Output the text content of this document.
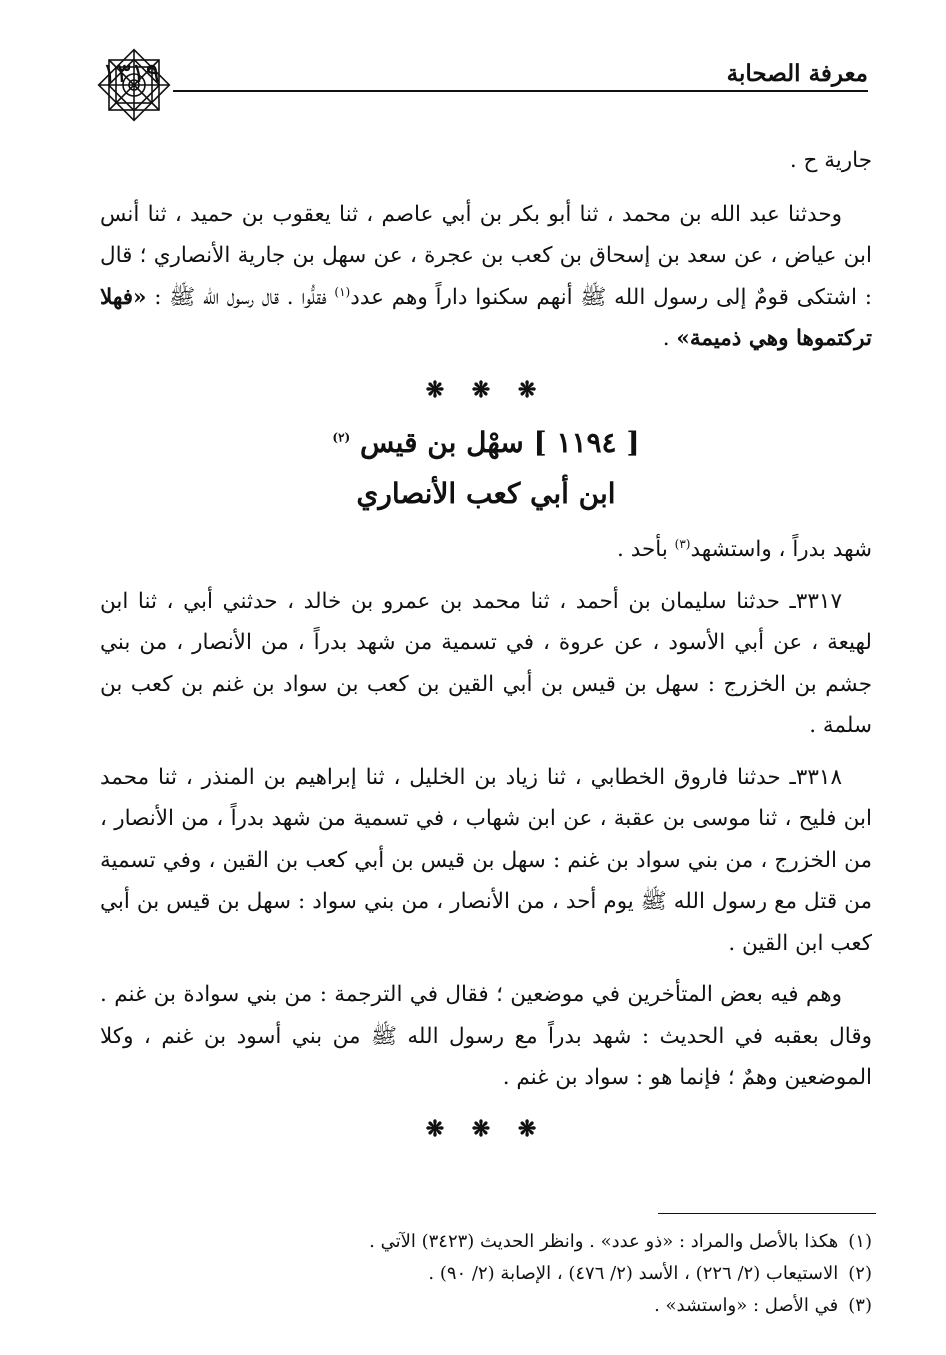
معرفة الصحابة
١٣١٩

جارية ح .

وحدثنا عبد الله بن محمد ، ثنا أبو بكر بن أبي عاصم ، ثنا يعقوب بن حميد ، ثنا أنس ابن عياض ، عن سعد بن إسحاق بن كعب بن عجرة ، عن سهل بن جارية الأنصاري ؛ قال : اشتكى قومٌ إلى رسول الله ﷺ أنهم سكنوا داراً وهم عدد$^{(١)}$ فقلُّوا . قال رسول الله ﷺ : «فهلا تركتموها وهي ذميمة» .

❋ ❋ ❋
[ ١١٩٤ ] سهْل بن قيس $^{(٢)}$
ابن أبي كعب الأنصاري

شهد بدراً ، واستشهد$^{(٣)}$ بأحد .

٣٣١٧ـ حدثنا سليمان بن أحمد ، ثنا محمد بن عمرو بن خالد ، حدثني أبي ، ثنا ابن لهيعة ، عن أبي الأسود ، عن عروة ، في تسمية من شهد بدراً ، من الأنصار ، من بني جشم بن الخزرج : سهل بن قيس بن أبي القين بن كعب بن سواد بن غنم بن كعب بن سلمة .

٣٣١٨ـ حدثنا فاروق الخطابي ، ثنا زياد بن الخليل ، ثنا إبراهيم بن المنذر ، ثنا محمد ابن فليح ، ثنا موسى بن عقبة ، عن ابن شهاب ، في تسمية من شهد بدراً ، من الأنصار ، من الخزرج ، من بني سواد بن غنم : سهل بن قيس بن أبي كعب بن القين ، وفي تسمية من قتل مع رسول الله ﷺ يوم أحد ، من الأنصار ، من بني سواد : سهل بن قيس بن أبي كعب ابن القين .

وهم فيه بعض المتأخرين في موضعين ؛ فقال في الترجمة : من بني سوادة بن غنم . وقال بعقبه في الحديث : شهد بدراً مع رسول الله ﷺ من بني أسود بن غنم ، وكلا الموضعين وهمٌ ؛ فإنما هو : سواد بن غنم .

❋ ❋ ❋

(١)هكذا بالأصل والمراد : «ذو عدد» . وانظر الحديث (٣٤٢٣) الآتي .

(٢)الاستيعاب (٢/ ٢٢٦) ، الأسد (٢/ ٤٧٦) ، الإصابة (٢/ ٩٠) .

(٣)في الأصل : «واستشد» .
